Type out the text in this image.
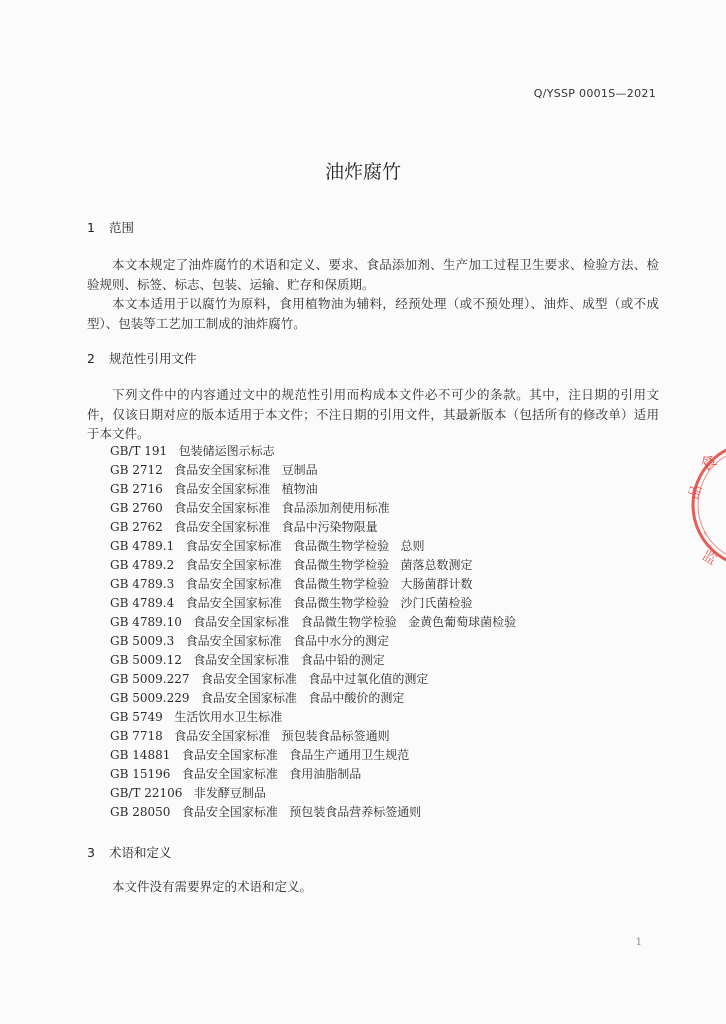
Q/YSSP 0001S—2021
油炸腐竹
1 范围

本文本规定了油炸腐竹的术语和定义、要求、食品添加剂、生产加工过程卫生要求、检验方法、检验规则、标签、标志、包装、运输、贮存和保质期。

本文本适用于以腐竹为原料，食用植物油为辅料，经预处理（或不预处理）、油炸、成型（或不成型）、包装等工艺加工制成的油炸腐竹。

2 规范性引用文件

下列文件中的内容通过文中的规范性引用而构成本文件必不可少的条款。其中，注日期的引用文件，仅该日期对应的版本适用于本文件；不注日期的引用文件，其最新版本（包括所有的修改单）适用于本文件。

GB/T 191   包装储运图示标志
GB 2712   食品安全国家标准   豆制品
GB 2716   食品安全国家标准   植物油
GB 2760   食品安全国家标准   食品添加剂使用标准
GB 2762   食品安全国家标准   食品中污染物限量
GB 4789.1   食品安全国家标准   食品微生物学检验   总则
GB 4789.2   食品安全国家标准   食品微生物学检验   菌落总数测定
GB 4789.3   食品安全国家标准   食品微生物学检验   大肠菌群计数
GB 4789.4   食品安全国家标准   食品微生物学检验   沙门氏菌检验
GB 4789.10   食品安全国家标准   食品微生物学检验   金黄色葡萄球菌检验
GB 5009.3   食品安全国家标准   食品中水分的测定
GB 5009.12   食品安全国家标准   食品中铅的测定
GB 5009.227   食品安全国家标准   食品中过氧化值的测定
GB 5009.229   食品安全国家标准   食品中酸价的测定
GB 5749   生活饮用水卫生标准
GB 7718   食品安全国家标准   预包装食品标签通则
GB 14881   食品安全国家标准   食品生产通用卫生规范
GB 15196   食品安全国家标准   食用油脂制品
GB/T 22106   非发酵豆制品
GB 28050   食品安全国家标准   预包装食品营养标签通则
3 术语和定义

本文件没有需要界定的术语和定义。

1
食
品
、
监
